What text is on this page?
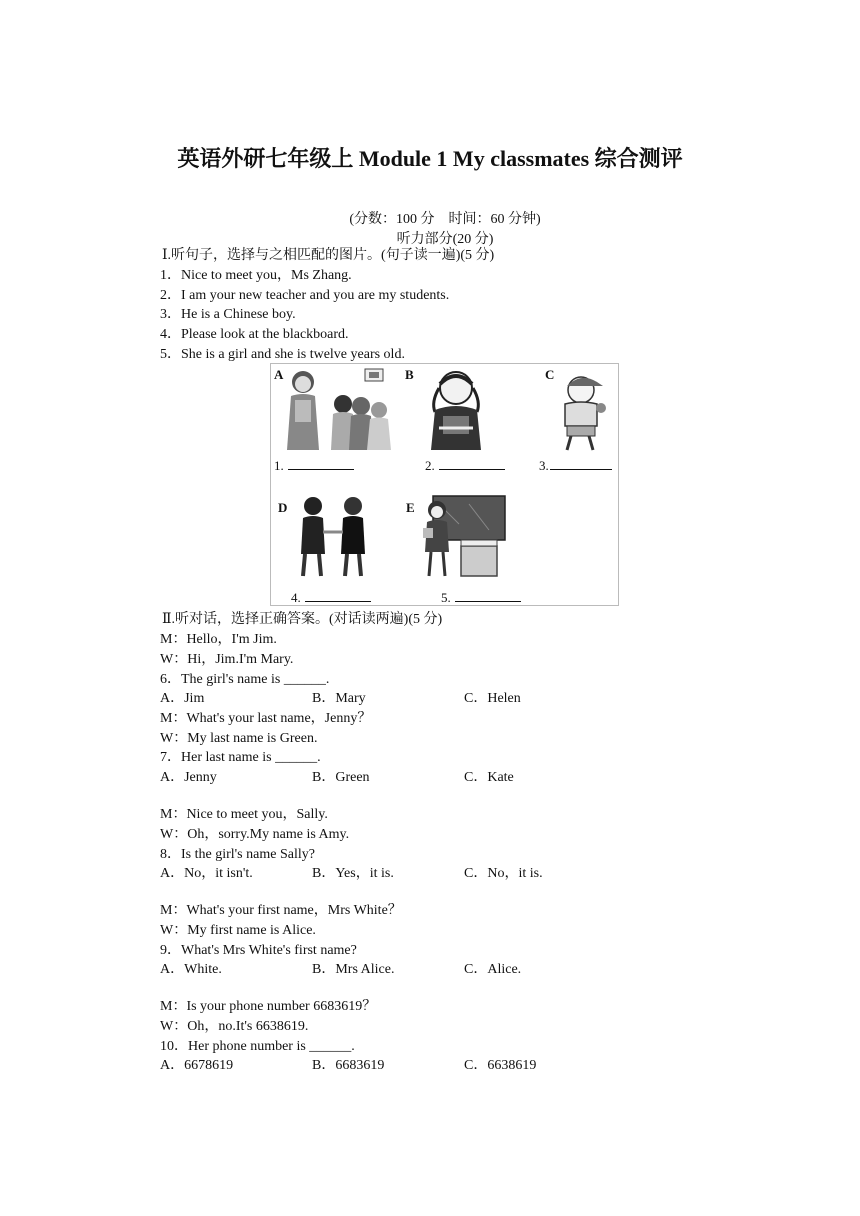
英语外研七年级上 Module 1 My classmates 综合测评
(分数：100 分　时间：60 分钟)
听力部分(20 分)
Ⅰ.听句子，选择与之相匹配的图片。(句子读一遍)(5 分)
1．Nice to meet you，Ms Zhang.
2．I am your new teacher and you are my students.
3．He is a Chinese boy.
4．Please look at the blackboard.
5．She is a girl and she is twelve years old.
A	B	C
D	E
1.	2.	3.
4.	5.
Ⅱ.听对话，选择正确答案。(对话读两遍)(5 分)
M：Hello，I'm Jim.
W：Hi，Jim.I'm Mary.
6．The girl's name is ______.
A．Jim	B．Mary	C．Helen
M：What's your last name，Jenny？
W：My last name is Green.
7．Her last name is ______.
A．Jenny	B．Green	C．Kate
M：Nice to meet you，Sally.
W：Oh，sorry.My name is Amy.
8．Is the girl's name Sally?
A．No，it isn't.	B．Yes，it is.	C．No，it is.
M：What's your first name，Mrs White？
W：My first name is Alice.
9．What's Mrs White's first name?
A．White.	B．Mrs Alice.	C．Alice.
M：Is your phone number 6683619？
W：Oh，no.It's 6638619.
10．Her phone number is ______.
A．6678619	B．6683619	C．6638619
